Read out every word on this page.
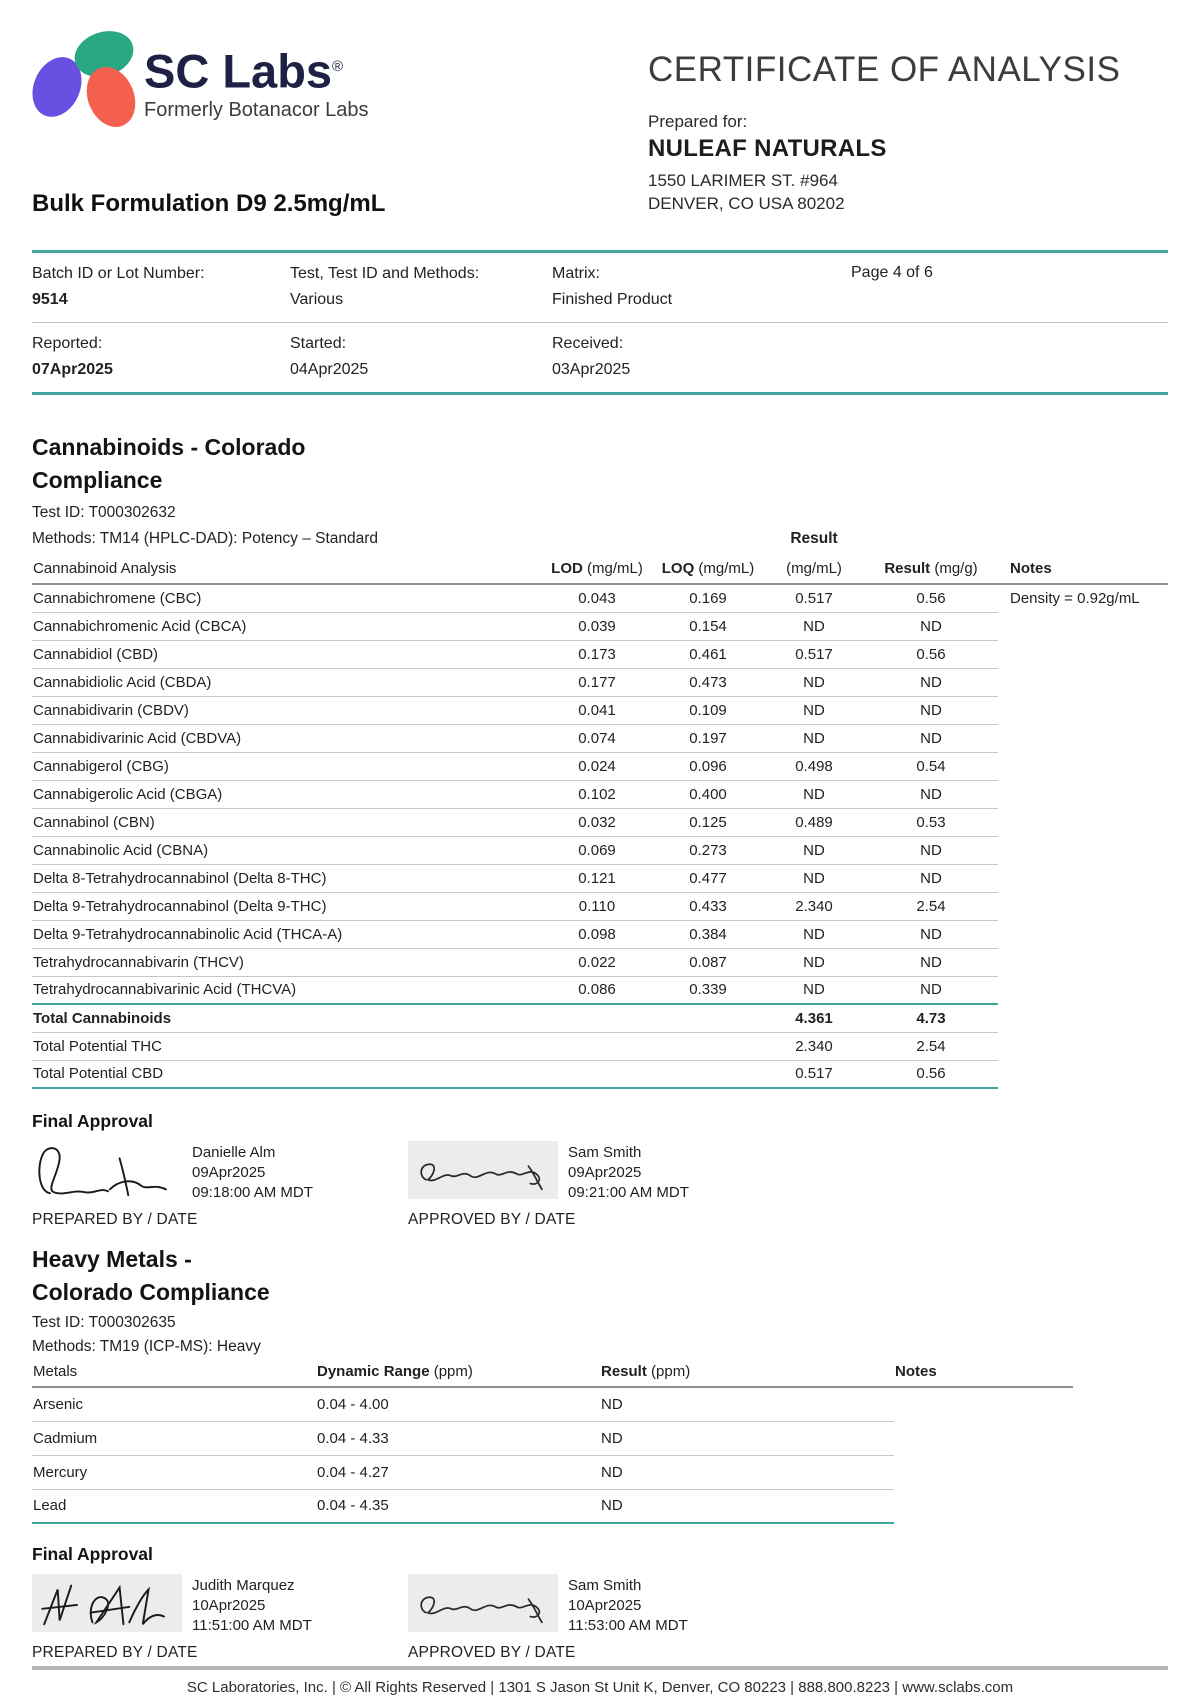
SC Labs®
Formerly Botanacor Labs
CERTIFICATE OF ANALYSIS
Prepared for:
NULEAF NATURALS
1550 LARIMER ST. #964
DENVER, CO USA 80202
Bulk Formulation D9 2.5mg/mL
Batch ID or Lot Number:
9514
Test, Test ID and Methods:
Various
Matrix:
Finished Product
Page 4 of 6
Reported:
07Apr2025
Started:
04Apr2025
Received:
03Apr2025
Cannabinoids - Colorado
Compliance
Test ID: T000302632
Methods: TM14 (HPLC-DAD): Potency – Standard	Result
Cannabinoid Analysis	LOD (mg/mL)	LOQ (mg/mL)	(mg/mL)	Result (mg/g)	Notes
Cannabichromene (CBC)	0.043	0.169	0.517	0.56	Density = 0.92g/mL
Cannabichromenic Acid (CBCA)	0.039	0.154	ND	ND	
Cannabidiol (CBD)	0.173	0.461	0.517	0.56	
Cannabidiolic Acid (CBDA)	0.177	0.473	ND	ND	
Cannabidivarin (CBDV)	0.041	0.109	ND	ND	
Cannabidivarinic Acid (CBDVA)	0.074	0.197	ND	ND	
Cannabigerol (CBG)	0.024	0.096	0.498	0.54	
Cannabigerolic Acid (CBGA)	0.102	0.400	ND	ND	
Cannabinol (CBN)	0.032	0.125	0.489	0.53	
Cannabinolic Acid (CBNA)	0.069	0.273	ND	ND	
Delta 8-Tetrahydrocannabinol (Delta 8-THC)	0.121	0.477	ND	ND	
Delta 9-Tetrahydrocannabinol (Delta 9-THC)	0.110	0.433	2.340	2.54	
Delta 9-Tetrahydrocannabinolic Acid (THCA-A)	0.098	0.384	ND	ND	
Tetrahydrocannabivarin (THCV)	0.022	0.087	ND	ND	
Tetrahydrocannabivarinic Acid (THCVA)	0.086	0.339	ND	ND	
Total Cannabinoids			4.361	4.73	
Total Potential THC			2.340	2.54	
Total Potential CBD			0.517	0.56	
Final Approval
Danielle Alm
09Apr2025
09:18:00 AM MDT
PREPARED BY / DATE
Sam Smith
09Apr2025
09:21:00 AM MDT
APPROVED BY / DATE
Heavy Metals -
Colorado Compliance
Test ID: T000302635
Methods: TM19 (ICP-MS): Heavy
Metals	Dynamic Range (ppm)	Result (ppm)	Notes
Arsenic	0.04 - 4.00	ND	
Cadmium	0.04 - 4.33	ND	
Mercury	0.04 - 4.27	ND	
Lead	0.04 - 4.35	ND	
Final Approval
Judith Marquez
10Apr2025
11:51:00 AM MDT
PREPARED BY / DATE
Sam Smith
10Apr2025
11:53:00 AM MDT
APPROVED BY / DATE
SC Laboratories, Inc. | © All Rights Reserved | 1301 S Jason St Unit K, Denver, CO 80223 | 888.800.8223 | www.sclabs.com
